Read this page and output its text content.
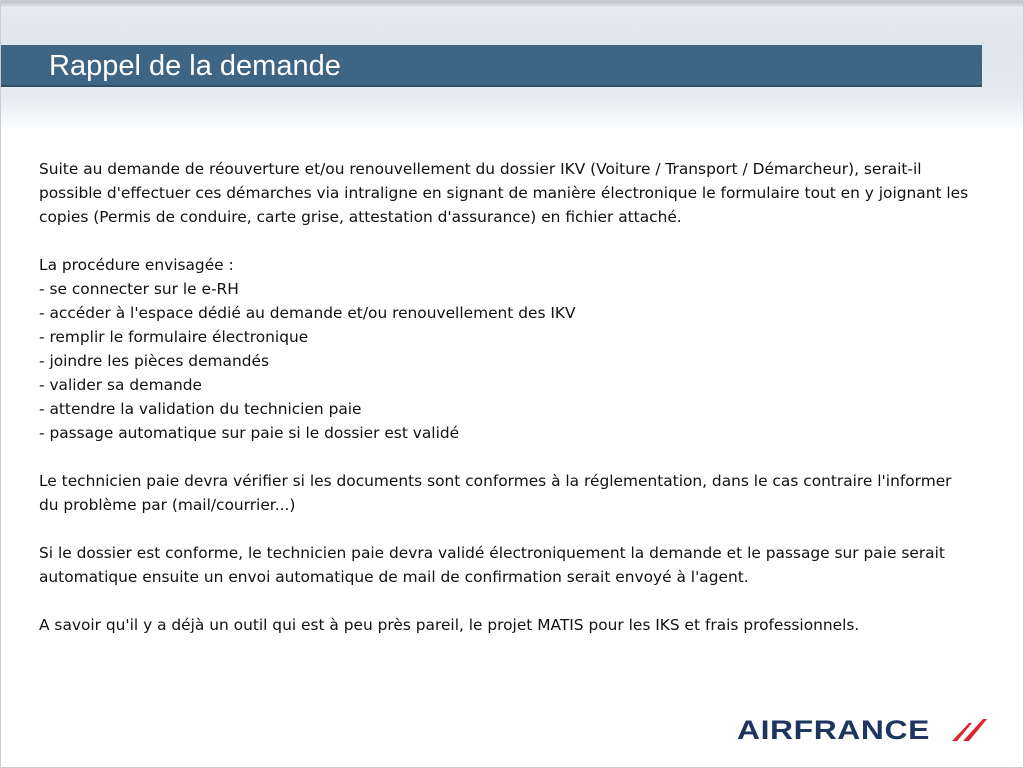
Rappel de la demande

Suite au demande de réouverture et/ou renouvellement du dossier IKV (Voiture / Transport / Démarcheur), serait-il possible d'effectuer ces démarches via intraligne en signant de manière électronique le formulaire tout en y joignant les copies (Permis de conduire, carte grise, attestation d'assurance) en fichier attaché.

La procédure envisagée :
- se connecter sur le e-RH
- accéder à l'espace dédié au demande et/ou renouvellement des IKV
- remplir le formulaire électronique
- joindre les pièces demandés
- valider sa demande
- attendre la validation du technicien paie
- passage automatique sur paie si le dossier est validé

Le technicien paie devra vérifier si les documents sont conformes à la réglementation, dans le cas contraire l'informer du problème par (mail/courrier...)

Si le dossier est conforme, le technicien paie devra validé électroniquement la demande et le passage sur paie serait automatique ensuite un envoi automatique de mail de confirmation serait envoyé à l'agent.

A savoir qu'il y a déjà un outil qui est à peu près pareil, le projet MATIS pour les IKS et frais professionnels.

AIRFRANCE
